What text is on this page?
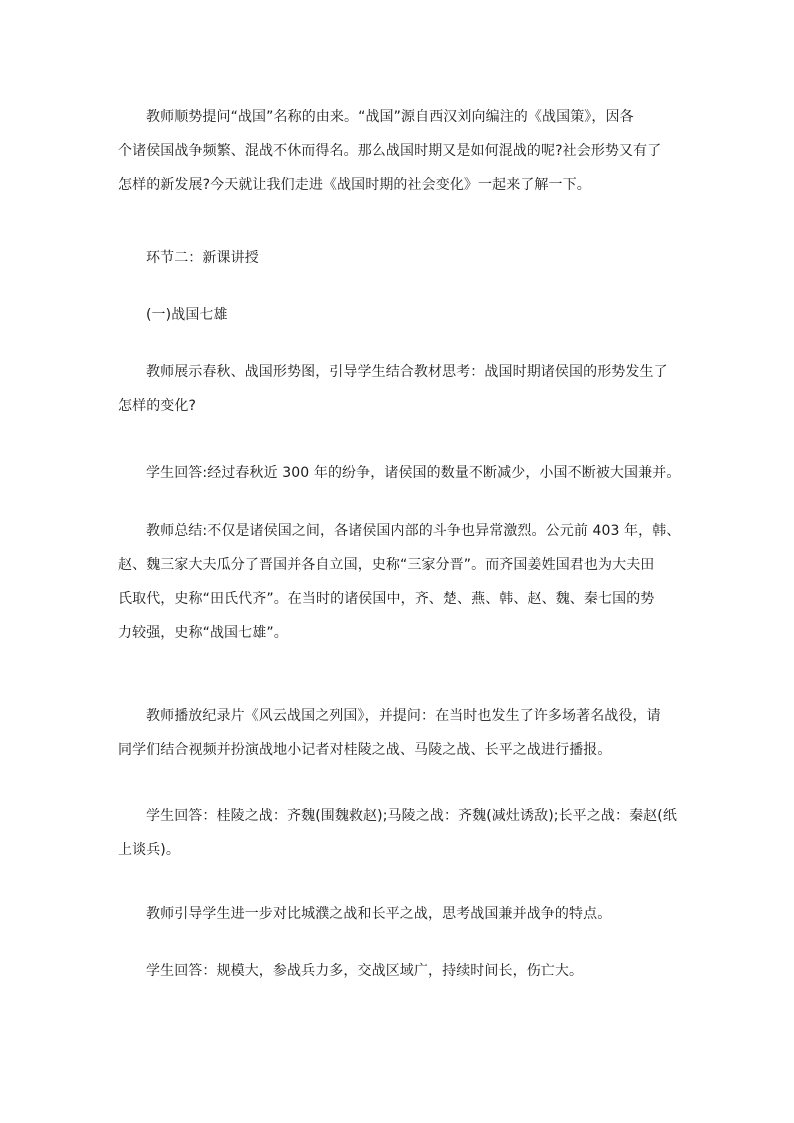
教师顺势提问“战国”名称的由来。“战国”源自西汉刘向编注的《战国策》，因各
个诸侯国战争频繁、混战不休而得名。那么战国时期又是如何混战的呢?社会形势又有了
怎样的新发展?今天就让我们走进《战国时期的社会变化》一起来了解一下。
环节二：新课讲授
(一)战国七雄
教师展示春秋、战国形势图，引导学生结合教材思考：战国时期诸侯国的形势发生了
怎样的变化?
学生回答:经过春秋近 300 年的纷争，诸侯国的数量不断减少，小国不断被大国兼并。
教师总结:不仅是诸侯国之间，各诸侯国内部的斗争也异常激烈。公元前 403 年，韩、
赵、魏三家大夫瓜分了晋国并各自立国，史称“三家分晋”。而齐国姜姓国君也为大夫田
氏取代，史称“田氏代齐”。在当时的诸侯国中，齐、楚、燕、韩、赵、魏、秦七国的势
力较强，史称“战国七雄”。
教师播放纪录片《风云战国之列国》，并提问：在当时也发生了许多场著名战役，请
同学们结合视频并扮演战地小记者对桂陵之战、马陵之战、长平之战进行播报。
学生回答：桂陵之战：齐魏(围魏救赵);马陵之战：齐魏(减灶诱敌);长平之战：秦赵(纸
上谈兵)。
教师引导学生进一步对比城濮之战和长平之战，思考战国兼并战争的特点。
学生回答：规模大，参战兵力多，交战区域广，持续时间长，伤亡大。
